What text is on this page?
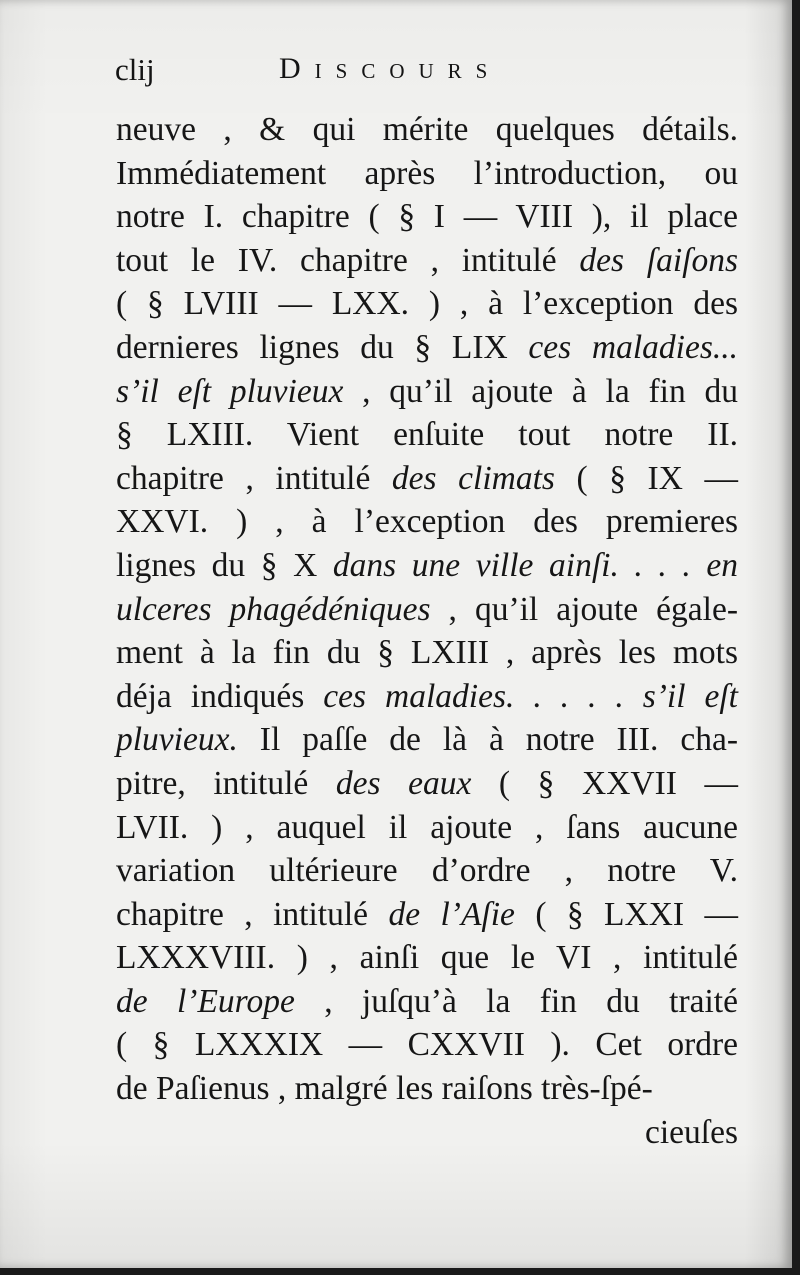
clij	Discours
neuve , & qui mérite quelques détails.
Immédiatement après l’introduction, ou
notre I. chapitre ( § I — VIII ), il place
tout le IV. chapitre , intitulé des ſaiſons
( § LVIII — LXX. ) , à l’exception des
dernieres lignes du § LIX ces maladies...
s’il eſt pluvieux , qu’il ajoute à la fin du
§ LXIII. Vient enſuite tout notre II.
chapitre , intitulé des climats ( § IX —
XXVI. ) , à l’exception des premieres
lignes du § X dans une ville ainſi. . . . en
ulceres phagédéniques , qu’il ajoute égale-
ment à la fin du § LXIII , après les mots
déja indiqués ces maladies. . . . . s’il eſt
pluvieux. Il paſſe de là à notre III. cha-
pitre, intitulé des eaux ( § XXVII —
LVII. ) , auquel il ajoute , ſans aucune
variation ultérieure d’ordre , notre V.
chapitre , intitulé de l’Aſie ( § LXXI —
LXXXVIII. ) , ainſi que le VI , intitulé
de l’Europe , juſqu’à la fin du traité
( § LXXXIX — CXXVII ). Cet ordre
de Paſienus , malgré les raiſons très-ſpé-
cieuſes
